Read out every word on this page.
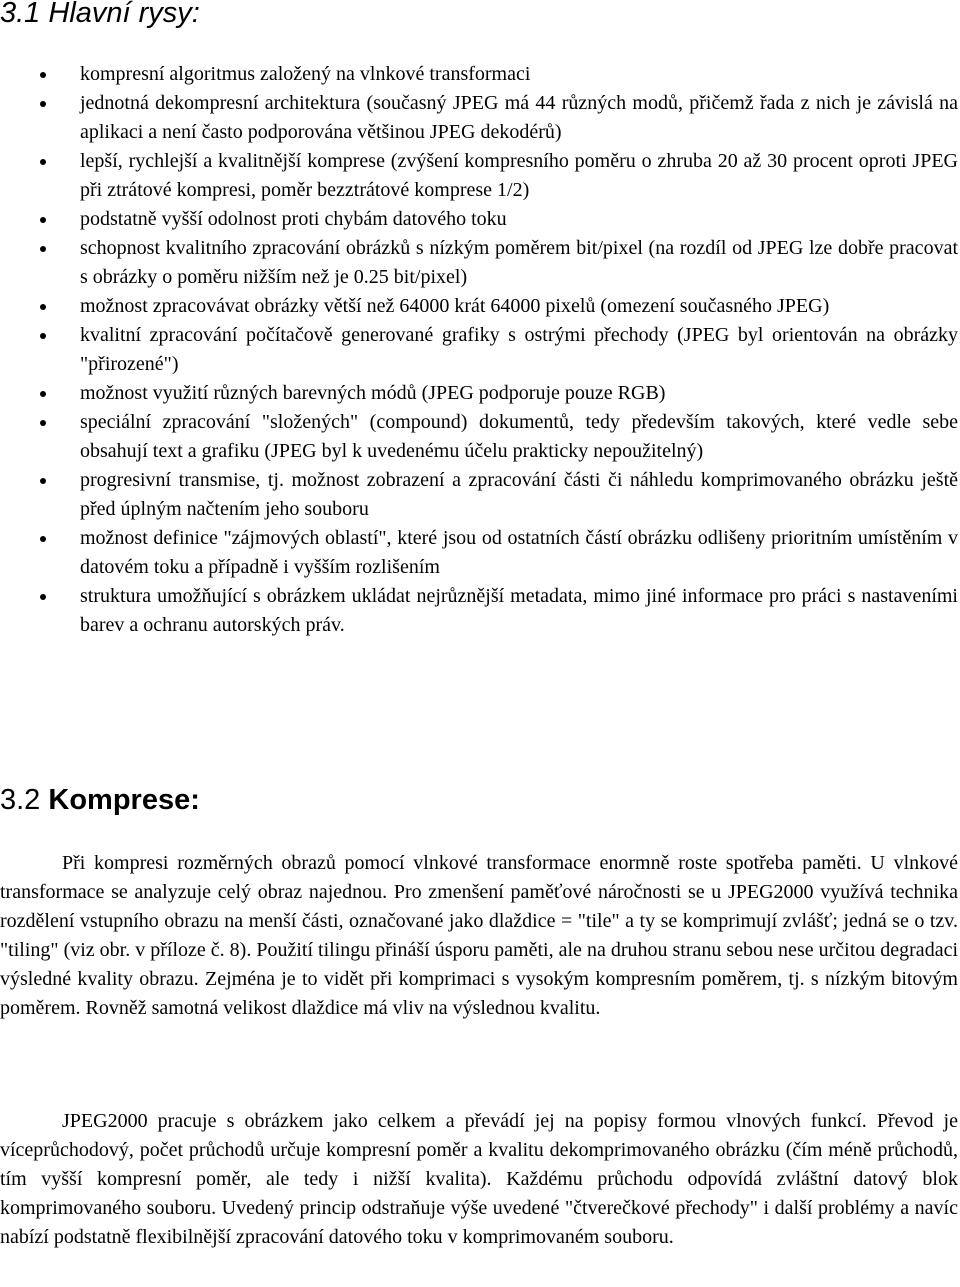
3.1 Hlavní rysy:
kompresní algoritmus založený na vlnkové transformaci
jednotná dekompresní architektura (současný JPEG má 44 různých modů, přičemž řada z nich je závislá na aplikaci a není často podporována většinou JPEG dekodérů)
lepší, rychlejší a kvalitnější komprese (zvýšení kompresního poměru o zhruba 20 až 30 procent oproti JPEG při ztrátové kompresi, poměr bezztrátové komprese 1/2)
podstatně vyšší odolnost proti chybám datového toku
schopnost kvalitního zpracování obrázků s nízkým poměrem bit/pixel (na rozdíl od JPEG lze dobře pracovat s obrázky o poměru nižším než je 0.25 bit/pixel)
možnost zpracovávat obrázky větší než 64000 krát 64000 pixelů (omezení současného JPEG)
kvalitní zpracování počítačově generované grafiky s ostrými přechody (JPEG byl orientován na obrázky "přirozené")
možnost využití různých barevných módů (JPEG podporuje pouze RGB)
speciální zpracování "složených" (compound) dokumentů, tedy především takových, které vedle sebe obsahují text a grafiku (JPEG byl k uvedenému účelu prakticky nepoužitelný)
progresivní transmise, tj. možnost zobrazení a zpracování části či náhledu komprimovaného obrázku ještě před úplným načtením jeho souboru
možnost definice "zájmových oblastí", které jsou od ostatních částí obrázku odlišeny prioritním umístěním v datovém toku a případně i vyšším rozlišením
struktura umožňující s obrázkem ukládat nejrůznější metadata, mimo jiné informace pro práci s nastaveními barev a ochranu autorských práv.
3.2 Komprese:

Při kompresi rozměrných obrazů pomocí vlnkové transformace enormně roste spotřeba paměti. U vlnkové transformace se analyzuje celý obraz najednou. Pro zmenšení paměťové náročnosti se u JPEG2000 využívá technika rozdělení vstupního obrazu na menší části, označované jako dlaždice = "tile" a ty se komprimují zvlášť; jedná se o tzv. "tiling" (viz obr. v příloze č. 8). Použití tilingu přináší úsporu paměti, ale na druhou stranu sebou nese určitou degradaci výsledné kvality obrazu. Zejména je to vidět při komprimaci s vysokým kompresním poměrem, tj. s nízkým bitovým poměrem. Rovněž samotná velikost dlaždice má vliv na výslednou kvalitu.

JPEG2000 pracuje s obrázkem jako celkem a převádí jej na popisy formou vlnových funkcí. Převod je víceprůchodový, počet průchodů určuje kompresní poměr a kvalitu dekomprimovaného obrázku (čím méně průchodů, tím vyšší kompresní poměr, ale tedy i nižší kvalita). Každému průchodu odpovídá zvláštní datový blok komprimovaného souboru. Uvedený princip odstraňuje výše uvedené "čtverečkové přechody" i další problémy a navíc nabízí podstatně flexibilnější zpracování datového toku v komprimovaném souboru.
